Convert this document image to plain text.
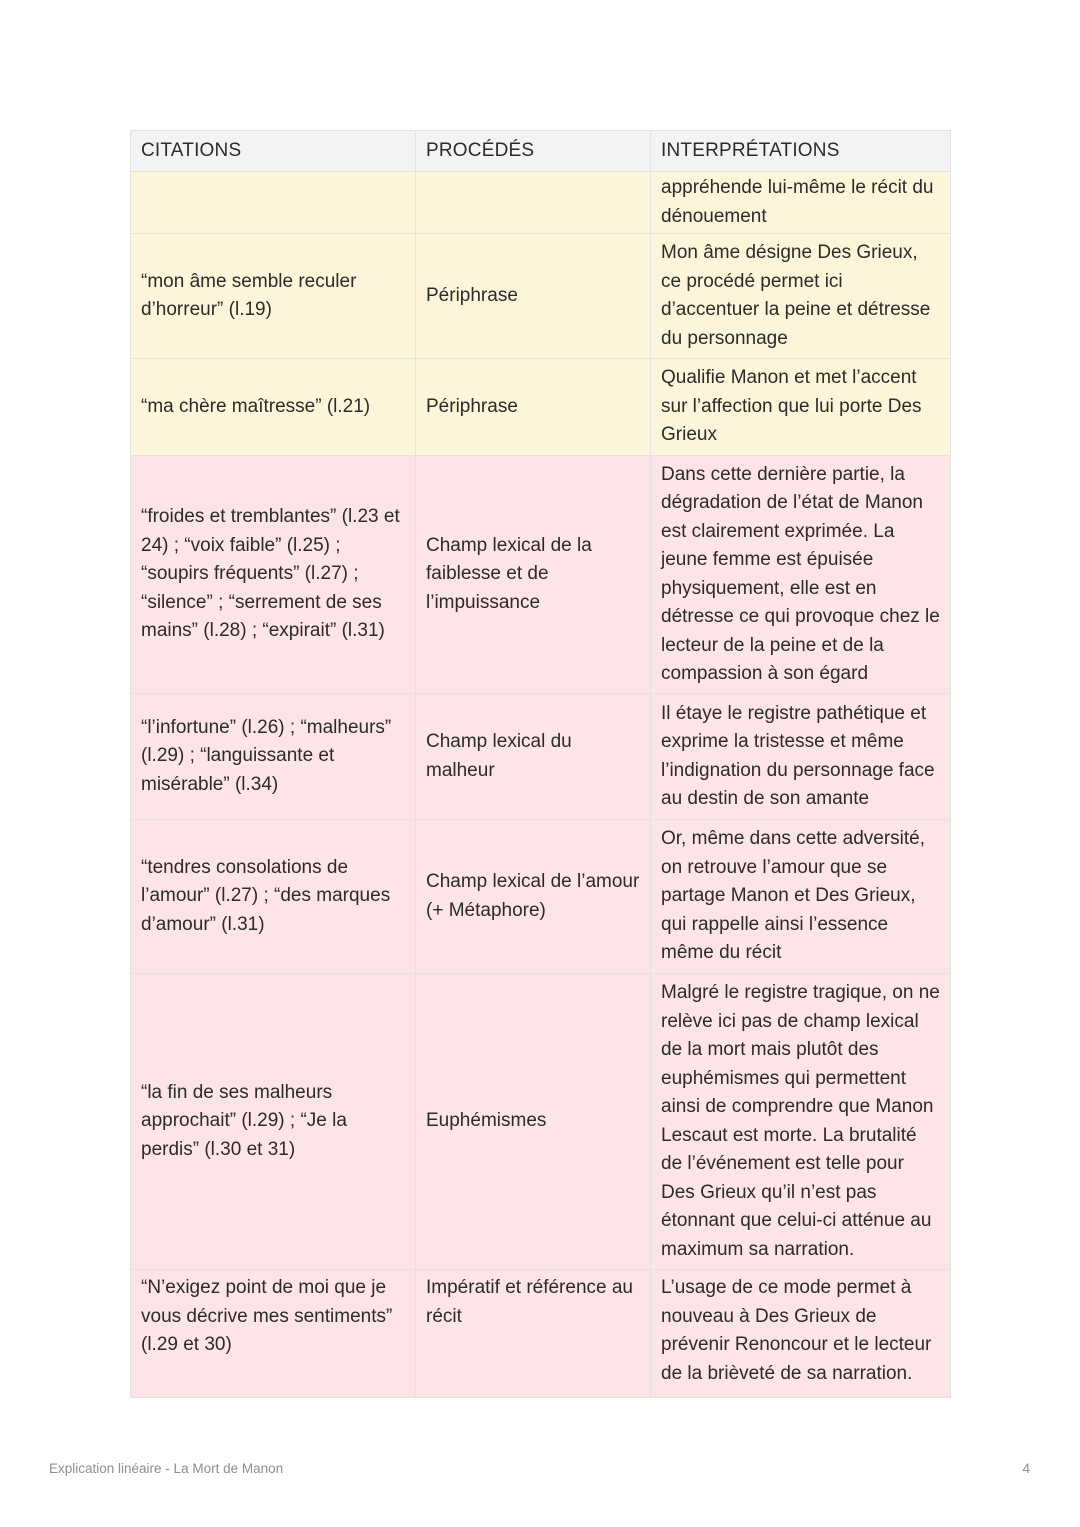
CITATIONS	PROCÉDÉS	INTERPRÉTATIONS
		appréhende lui-même le récit du dénouement
“mon âme semble reculer d’horreur” (l.19)	Périphrase	Mon âme désigne Des Grieux, ce procédé permet ici d’accentuer la peine et détresse du personnage
“ma chère maîtresse” (l.21)	Périphrase	Qualifie Manon et met l’accent sur l’affection que lui porte Des Grieux
“froides et tremblantes” (l.23 et 24) ; “voix faible” (l.25) ; “soupirs fréquents” (l.27) ; “silence” ; “serrement de ses mains” (l.28) ; “expirait” (l.31)	Champ lexical de la faiblesse et de l’impuissance	Dans cette dernière partie, la dégradation de l’état de Manon est clairement exprimée. La jeune femme est épuisée physiquement, elle est en détresse ce qui provoque chez le lecteur de la peine et de la compassion à son égard
“l’infortune” (l.26) ; “malheurs” (l.29) ; “languissante et misérable” (l.34)	Champ lexical du malheur	Il étaye le registre pathétique et exprime la tristesse et même l’indignation du personnage face au destin de son amante
“tendres consolations de l’amour” (l.27) ; “des marques d’amour” (l.31)	Champ lexical de l’amour (+ Métaphore)	Or, même dans cette adversité, on retrouve l’amour que se partage Manon et Des Grieux, qui rappelle ainsi l’essence même du récit
“la fin de ses malheurs approchait” (l.29) ; “Je la perdis” (l.30 et 31)	Euphémismes	Malgré le registre tragique, on ne relève ici pas de champ lexical de la mort mais plutôt des euphémismes qui permettent ainsi de comprendre que Manon Lescaut est morte. La brutalité de l’événement est telle pour Des Grieux qu’il n’est pas étonnant que celui-ci atténue au maximum sa narration.
“N’exigez point de moi que je vous décrive mes sentiments” (l.29 et 30)	Impératif et référence au récit	L’usage de ce mode permet à nouveau à Des Grieux de prévenir Renoncour et le lecteur de la brièveté de sa narration.
Explication linéaire - La Mort de Manon	4
